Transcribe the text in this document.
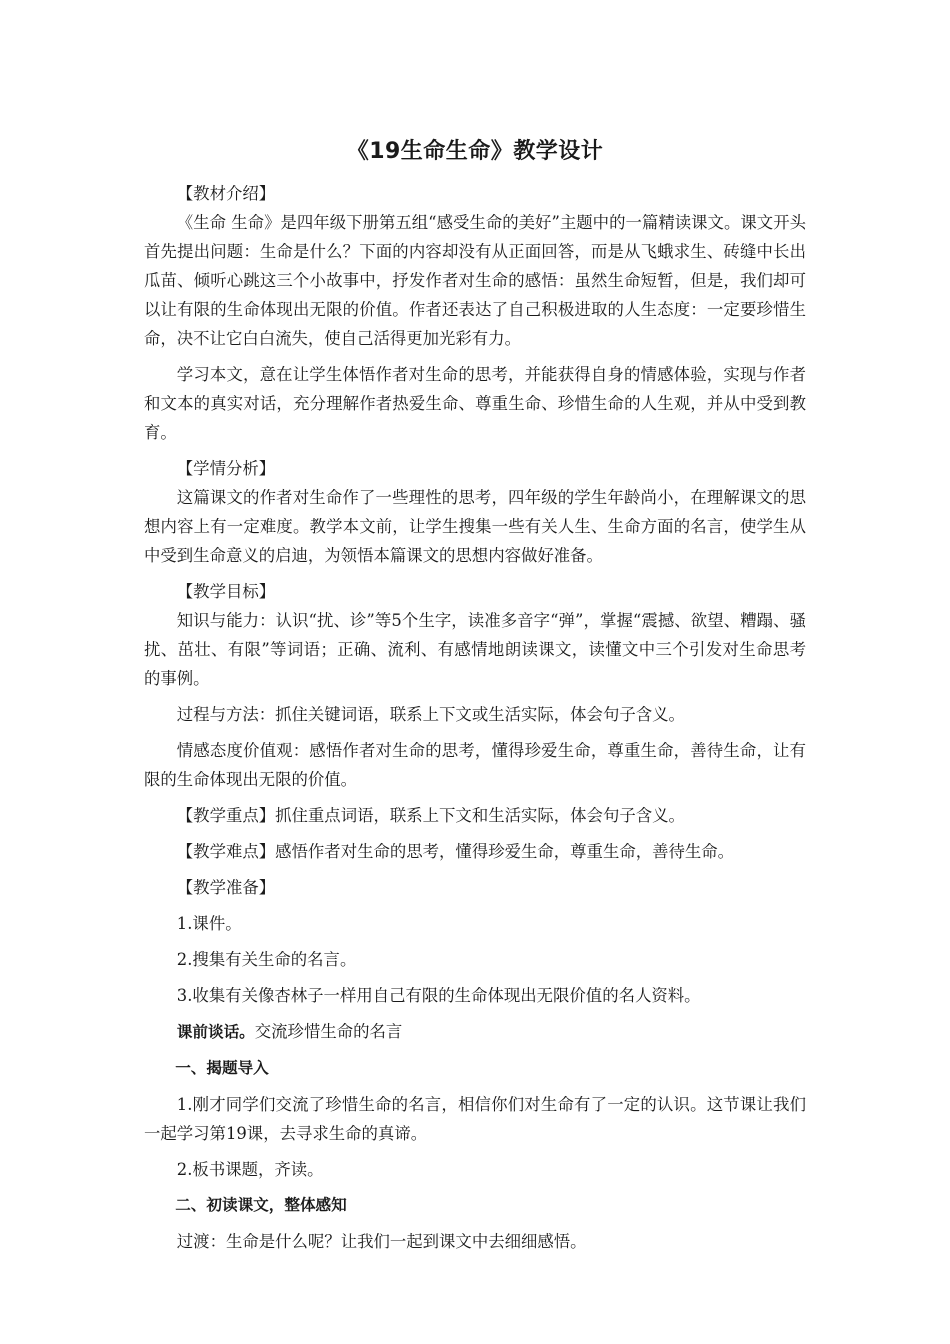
《19生命生命》教学设计

【教材介绍】

《生命 生命》是四年级下册第五组“感受生命的美好”主题中的一篇精读课文。课文开头首先提出问题：生命是什么？下面的内容却没有从正面回答，而是从飞蛾求生、砖缝中长出瓜苗、倾听心跳这三个小故事中，抒发作者对生命的感悟：虽然生命短暂，但是，我们却可以让有限的生命体现出无限的价值。作者还表达了自己积极进取的人生态度：一定要珍惜生命，决不让它白白流失，使自己活得更加光彩有力。

学习本文，意在让学生体悟作者对生命的思考，并能获得自身的情感体验，实现与作者和文本的真实对话，充分理解作者热爱生命、尊重生命、珍惜生命的人生观，并从中受到教育。

【学情分析】

这篇课文的作者对生命作了一些理性的思考，四年级的学生年龄尚小，在理解课文的思想内容上有一定难度。教学本文前，让学生搜集一些有关人生、生命方面的名言，使学生从中受到生命意义的启迪，为领悟本篇课文的思想内容做好准备。

【教学目标】

知识与能力：认识“扰、诊”等5个生字，读准多音字“弹”，掌握“震撼、欲望、糟蹋、骚扰、茁壮、有限”等词语；正确、流利、有感情地朗读课文，读懂文中三个引发对生命思考的事例。

过程与方法：抓住关键词语，联系上下文或生活实际，体会句子含义。

情感态度价值观：感悟作者对生命的思考，懂得珍爱生命，尊重生命，善待生命，让有限的生命体现出无限的价值。

【教学重点】抓住重点词语，联系上下文和生活实际，体会句子含义。

【教学难点】感悟作者对生命的思考，懂得珍爱生命，尊重生命，善待生命。

【教学准备】

1.课件。

2.搜集有关生命的名言。

3.收集有关像杏林子一样用自己有限的生命体现出无限价值的名人资料。

课前谈话。交流珍惜生命的名言

一、揭题导入

1.刚才同学们交流了珍惜生命的名言，相信你们对生命有了一定的认识。这节课让我们一起学习第19课，去寻求生命的真谛。

2.板书课题，齐读。

二、初读课文，整体感知

过渡：生命是什么呢？让我们一起到课文中去细细感悟。
